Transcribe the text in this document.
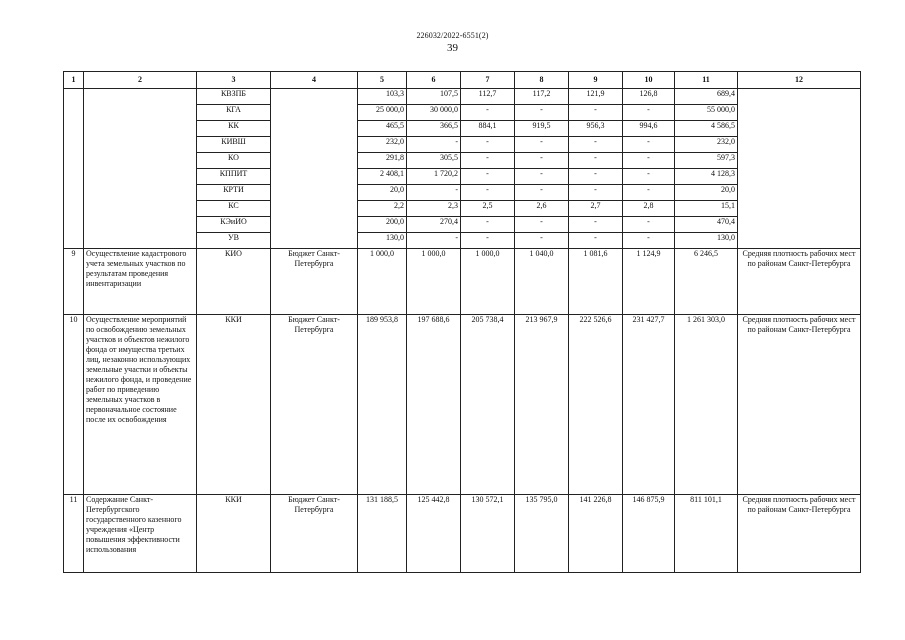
226032/2022-6551(2)
39
1	2	3	4	5	6	7	8	9	10	11	12
		КВЗПБ		103,3	107,5	112,7	117,2	121,9	126,8	689,4	
		КГА		25 000,0	30 000,0	-	-	-	-	55 000,0	
		КК		465,5	366,5	884,1	919,5	956,3	994,6	4 586,5	
		КИВШ		232,0	-	-	-	-	-	232,0	
		КО		291,8	305,5	-	-	-	-	597,3	
		КППИТ		2 408,1	1 720,2	-	-	-	-	4 128,3	
		КРТИ		20,0	-	-	-	-	-	20,0	
		КС		2,2	2,3	2,5	2,6	2,7	2,8	15,1	
		КЭиИО		200,0	270,4	-	-	-	-	470,4	
		УВ		130,0	-	-	-	-	-	130,0	
9	Осуществление кадастрового учета земельных участков по результатам проведения инвентаризации	КИО	Бюджет Санкт-Петербурга	1 000,0	1 000,0	1 000,0	1 040,0	1 081,6	1 124,9	6 246,5	Средняя плотность рабочих мест по районам Санкт-Петербурга
10	Осуществление мероприятий по освобождению земельных участков и объектов нежилого фонда от имущества третьих лиц, незаконно использующих земельные участки и объекты нежилого фонда, и проведение работ по приведению земельных участков в первоначальное состояние после их освобождения	ККИ	Бюджет Санкт-Петербурга	189 953,8	197 688,6	205 738,4	213 967,9	222 526,6	231 427,7	1 261 303,0	Средняя плотность рабочих мест по районам Санкт-Петербурга
11	Содержание Санкт-Петербургского государственного казенного учреждения «Центр повышения эффективности использования	ККИ	Бюджет Санкт-Петербурга	131 188,5	125 442,8	130 572,1	135 795,0	141 226,8	146 875,9	811 101,1	Средняя плотность рабочих мест по районам Санкт-Петербурга
